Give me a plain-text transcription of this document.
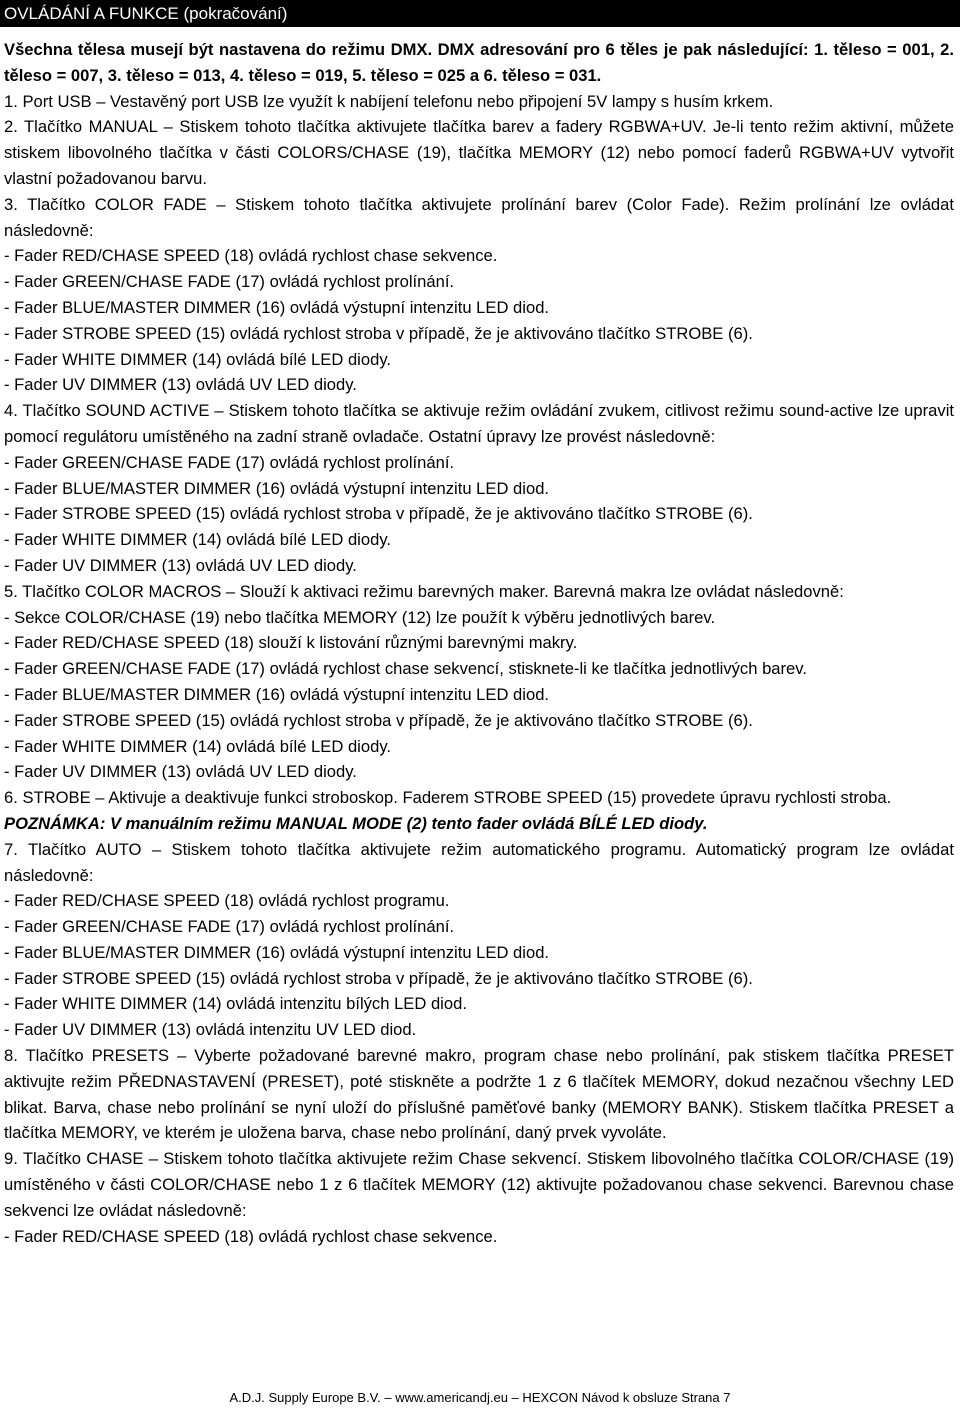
OVLÁDÁNÍ A FUNKCE (pokračování)

Všechna tělesa musejí být nastavena do režimu DMX. DMX adresování pro 6 těles je pak následující: 1. těleso = 001, 2. těleso = 007, 3. těleso = 013, 4. těleso = 019, 5. těleso = 025 a 6. těleso = 031.

1. Port USB – Vestavěný port USB lze využít k nabíjení telefonu nebo připojení 5V lampy s husím krkem.

2. Tlačítko MANUAL – Stiskem tohoto tlačítka aktivujete tlačítka barev a fadery RGBWA+UV. Je-li tento režim aktivní, můžete stiskem libovolného tlačítka v části COLORS/CHASE (19), tlačítka MEMORY (12) nebo pomocí faderů RGBWA+UV vytvořit vlastní požadovanou barvu.

3. Tlačítko COLOR FADE – Stiskem tohoto tlačítka aktivujete prolínání barev (Color Fade). Režim prolínání lze ovládat následovně:

- Fader RED/CHASE SPEED (18) ovládá rychlost chase sekvence.

- Fader GREEN/CHASE FADE (17) ovládá rychlost prolínání.

- Fader BLUE/MASTER DIMMER (16) ovládá výstupní intenzitu LED diod.

- Fader STROBE SPEED (15) ovládá rychlost stroba v případě, že je aktivováno tlačítko STROBE (6).

- Fader WHITE DIMMER (14) ovládá bílé LED diody.

- Fader UV DIMMER (13) ovládá UV LED diody.

4. Tlačítko SOUND ACTIVE – Stiskem tohoto tlačítka se aktivuje režim ovládání zvukem, citlivost režimu sound-active lze upravit pomocí regulátoru umístěného na zadní straně ovladače. Ostatní úpravy lze provést následovně:

- Fader GREEN/CHASE FADE (17) ovládá rychlost prolínání.

- Fader BLUE/MASTER DIMMER (16) ovládá výstupní intenzitu LED diod.

- Fader STROBE SPEED (15) ovládá rychlost stroba v případě, že je aktivováno tlačítko STROBE (6).

- Fader WHITE DIMMER (14) ovládá bílé LED diody.

- Fader UV DIMMER (13) ovládá UV LED diody.

5. Tlačítko COLOR MACROS – Slouží k aktivaci režimu barevných maker. Barevná makra lze ovládat následovně:

- Sekce COLOR/CHASE (19) nebo tlačítka MEMORY (12) lze použít k výběru jednotlivých barev.

- Fader RED/CHASE SPEED (18) slouží k listování různými barevnými makry.

- Fader GREEN/CHASE FADE (17) ovládá rychlost chase sekvencí, stisknete-li ke tlačítka jednotlivých barev.

- Fader BLUE/MASTER DIMMER (16) ovládá výstupní intenzitu LED diod.

- Fader STROBE SPEED (15) ovládá rychlost stroba v případě, že je aktivováno tlačítko STROBE (6).

- Fader WHITE DIMMER (14) ovládá bílé LED diody.

- Fader UV DIMMER (13) ovládá UV LED diody.

6. STROBE – Aktivuje a deaktivuje funkci stroboskop. Faderem STROBE SPEED (15) provedete úpravu rychlosti stroba.

POZNÁMKA: V manuálním režimu MANUAL MODE (2) tento fader ovládá BÍLÉ LED diody.

7. Tlačítko AUTO – Stiskem tohoto tlačítka aktivujete režim automatického programu. Automatický program lze ovládat následovně:

- Fader RED/CHASE SPEED (18) ovládá rychlost programu.

- Fader GREEN/CHASE FADE (17) ovládá rychlost prolínání.

- Fader BLUE/MASTER DIMMER (16) ovládá výstupní intenzitu LED diod.

- Fader STROBE SPEED (15) ovládá rychlost stroba v případě, že je aktivováno tlačítko STROBE (6).

- Fader WHITE DIMMER (14) ovládá intenzitu bílých LED diod.

- Fader UV DIMMER (13) ovládá intenzitu UV LED diod.

8. Tlačítko PRESETS – Vyberte požadované barevné makro, program chase nebo prolínání, pak stiskem tlačítka PRESET aktivujte režim PŘEDNASTAVENÍ (PRESET), poté stiskněte a podržte 1 z 6 tlačítek MEMORY, dokud nezačnou všechny LED blikat. Barva, chase nebo prolínání se nyní uloží do příslušné paměťové banky (MEMORY BANK). Stiskem tlačítka PRESET a tlačítka MEMORY, ve kterém je uložena barva, chase nebo prolínání, daný prvek vyvoláte.

9. Tlačítko CHASE – Stiskem tohoto tlačítka aktivujete režim Chase sekvencí. Stiskem libovolného tlačítka COLOR/CHASE (19) umístěného v části COLOR/CHASE nebo 1 z 6 tlačítek MEMORY (12) aktivujte požadovanou chase sekvenci. Barevnou chase sekvenci lze ovládat následovně:

- Fader RED/CHASE SPEED (18) ovládá rychlost chase sekvence.

A.D.J. Supply Europe B.V. – www.americandj.eu – HEXCON Návod k obsluze Strana 7
